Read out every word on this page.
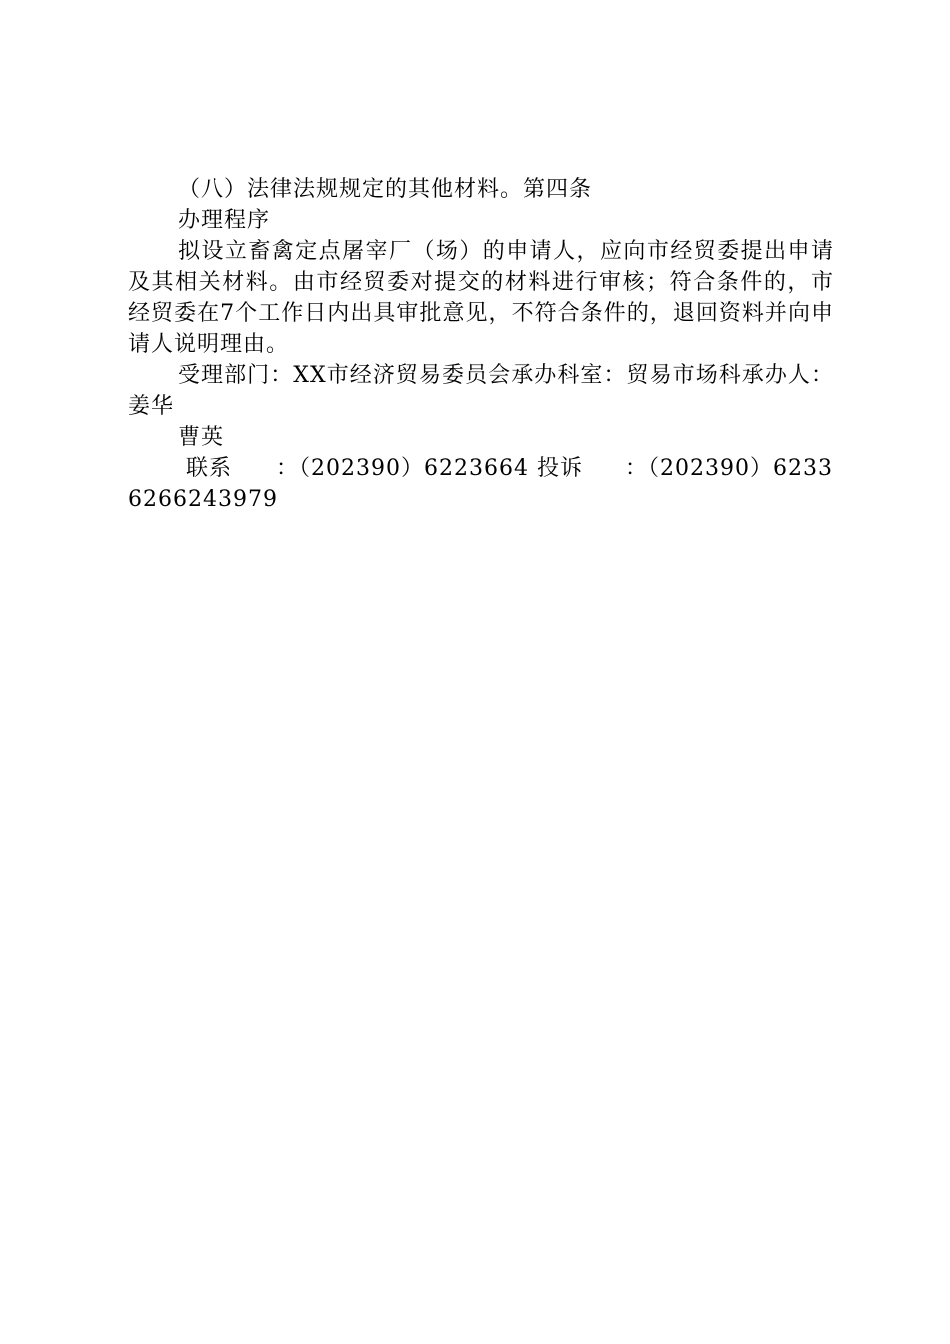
（八）法律法规规定的其他材料。第四条

办理程序

拟设立畜禽定点屠宰厂（场）的申请人，应向市经贸委提出申请及其相关材料。由市经贸委对提交的材料进行审核；符合条件的，市经贸委在7个工作日内出具审批意见，不符合条件的，退回资料并向申请人说明理由。

受理部门：XX市经济贸易委员会承办科室：贸易市场科承办人：姜华

曹英

联系 ：（202390）6223664 投诉 ：（202390）62336266243979
